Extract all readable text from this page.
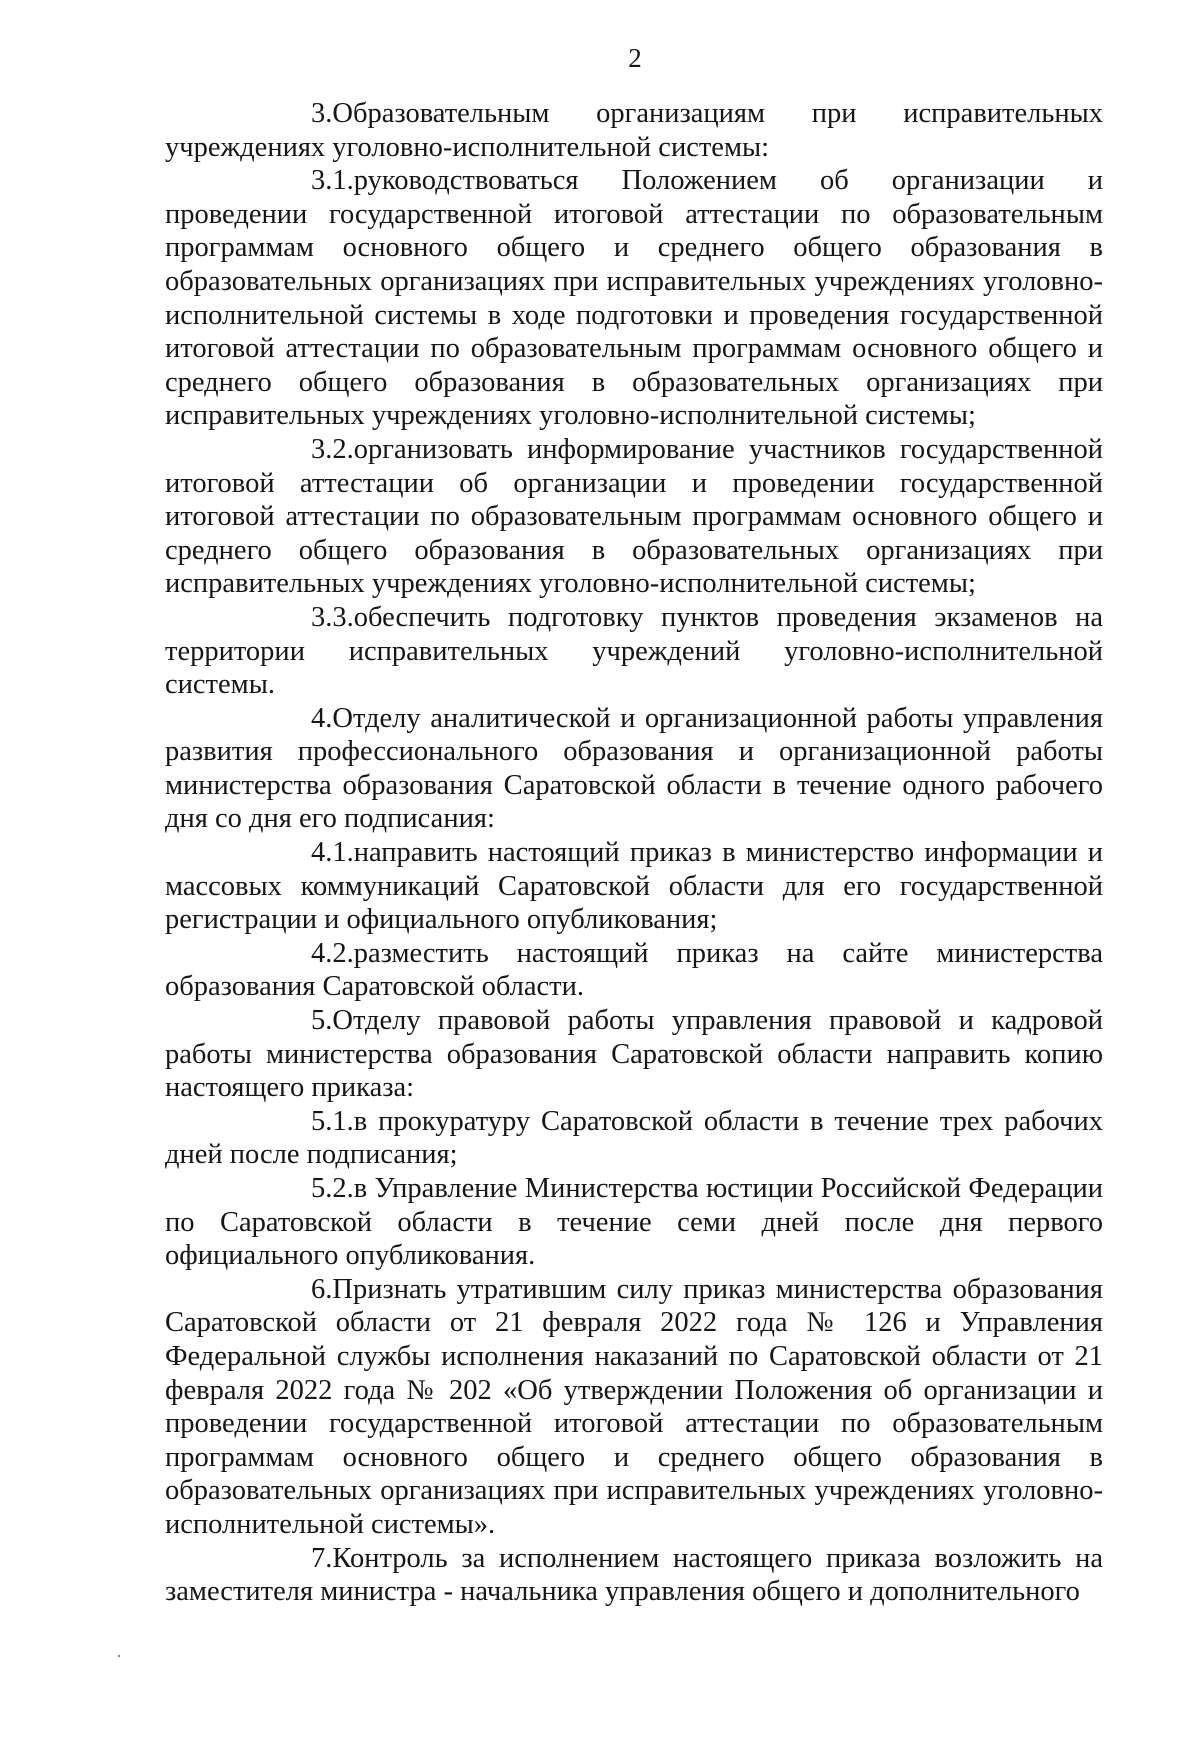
2

3.Образовательным организациям при исправительных учреждениях уголовно-исполнительной системы:

3.1.руководствоваться Положением об организации и проведении государственной итоговой аттестации по образовательным программам основного общего и среднего общего образования в образовательных организациях при исправительных учреждениях уголовно-исполнительной системы в ходе подготовки и проведения государственной итоговой аттестации по образовательным программам основного общего и среднего общего образования в образовательных организациях при исправительных учреждениях уголовно-исполнительной системы;

3.2.организовать информирование участников государственной итоговой аттестации об организации и проведении государственной итоговой аттестации по образовательным программам основного общего и среднего общего образования в образовательных организациях при исправительных учреждениях уголовно-исполнительной системы;

3.3.обеспечить подготовку пунктов проведения экзаменов на территории исправительных учреждений уголовно-исполнительной системы.

4.Отделу аналитической и организационной работы управления развития профессионального образования и организационной работы министерства образования Саратовской области в течение одного рабочего дня со дня его подписания:

4.1.направить настоящий приказ в министерство информации и массовых коммуникаций Саратовской области для его государственной регистрации и официального опубликования;

4.2.разместить настоящий приказ на сайте министерства образования Саратовской области.

5.Отделу правовой работы управления правовой и кадровой работы министерства образования Саратовской области направить копию настоящего приказа:

5.1.в прокуратуру Саратовской области в течение трех рабочих дней после подписания;

5.2.в Управление Министерства юстиции Российской Федерации по Саратовской области в течение семи дней после дня первого официального опубликования.

6.Признать утратившим силу приказ министерства образования Саратовской области от 21 февраля 2022 года № 126 и Управления Федеральной службы исполнения наказаний по Саратовской области от 21 февраля 2022 года № 202 «Об утверждении Положения об организации и проведении государственной итоговой аттестации по образовательным программам основного общего и среднего общего образования в образовательных организациях при исправительных учреждениях уголовно-исполнительной системы».

7.Контроль за исполнением настоящего приказа возложить на заместителя министра - начальника управления общего и дополнительного
